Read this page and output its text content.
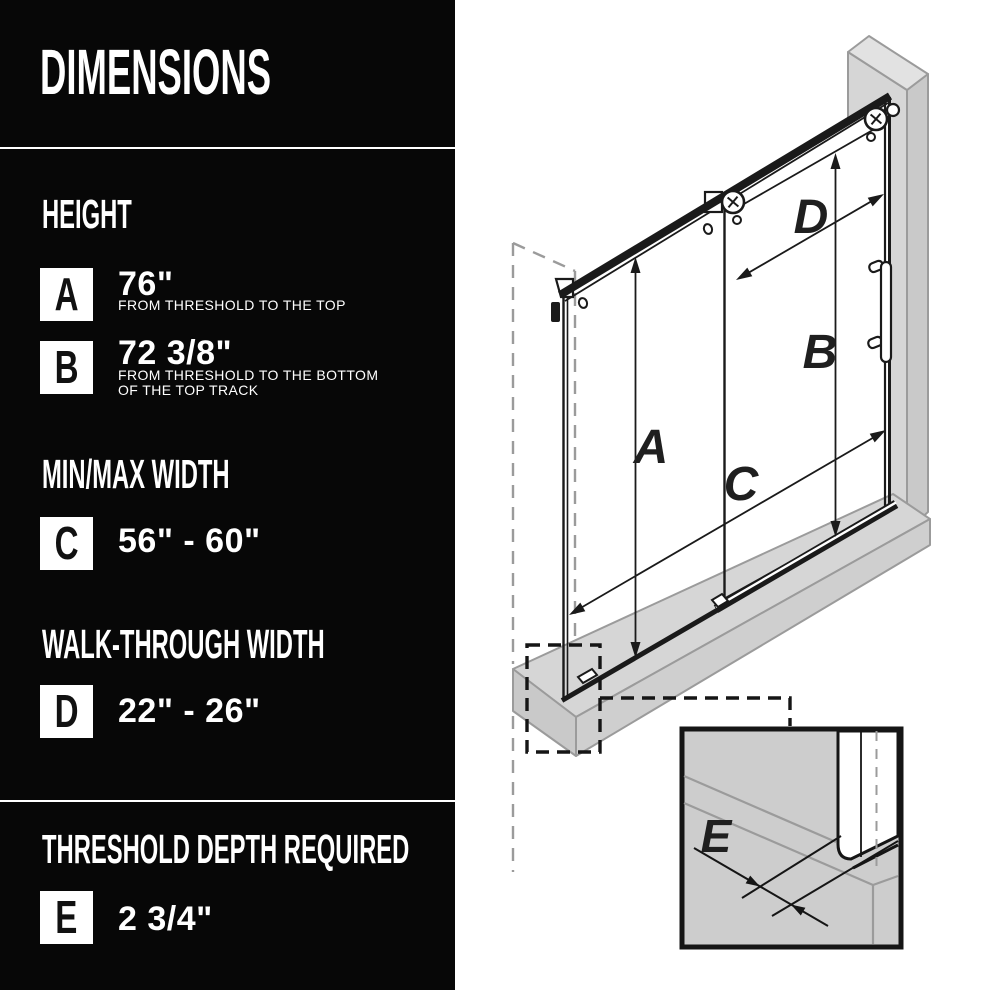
DIMENSIONS
HEIGHT
A	76"
FROM THRESHOLD TO THE TOP
B	72 3/8"
FROM THRESHOLD TO THE BOTTOM
OF THE TOP TRACK
MIN/MAX WIDTH
C	56" - 60"
WALK-THROUGH WIDTH
D	22" - 26"
THRESHOLD DEPTH REQUIRED
E	2 3/4"
A
B
C
D
E
